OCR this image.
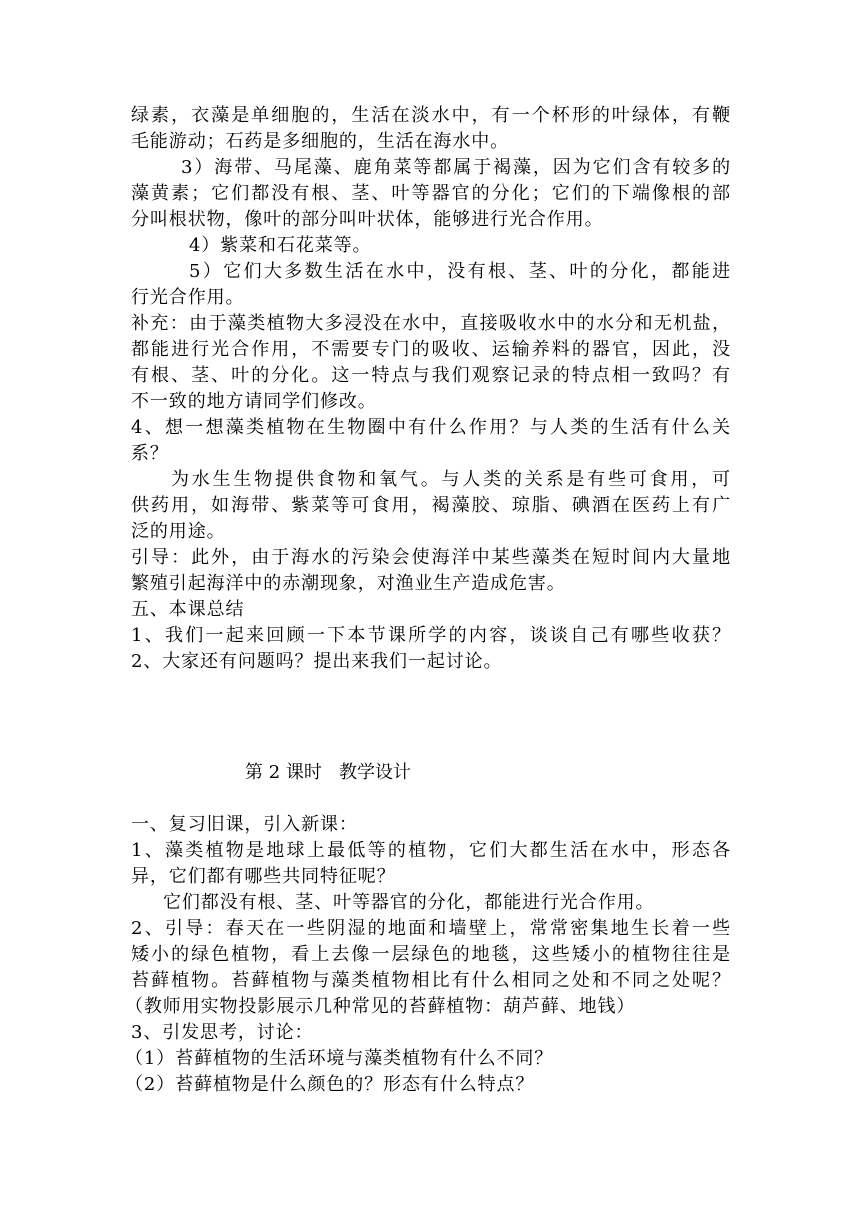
绿素，衣藻是单细胞的，生活在淡水中，有一个杯形的叶绿体，有鞭
毛能游动；石药是多细胞的，生活在海水中。
3）海带、马尾藻、鹿角菜等都属于褐藻，因为它们含有较多的
藻黄素；它们都没有根、茎、叶等器官的分化；它们的下端像根的部
分叫根状物，像叶的部分叫叶状体，能够进行光合作用。
4）紫菜和石花菜等。
5）它们大多数生活在水中，没有根、茎、叶的分化，都能进
行光合作用。
补充：由于藻类植物大多浸没在水中，直接吸收水中的水分和无机盐，
都能进行光合作用，不需要专门的吸收、运输养料的器官，因此，没
有根、茎、叶的分化。这一特点与我们观察记录的特点相一致吗？有
不一致的地方请同学们修改。
4、想一想藻类植物在生物圈中有什么作用？与人类的生活有什么关
系？
为水生生物提供食物和氧气。与人类的关系是有些可食用，可
供药用，如海带、紫菜等可食用，褐藻胶、琼脂、碘酒在医药上有广
泛的用途。
引导：此外，由于海水的污染会使海洋中某些藻类在短时间内大量地
繁殖引起海洋中的赤潮现象，对渔业生产造成危害。
五、本课总结
1、我们一起来回顾一下本节课所学的内容，谈谈自己有哪些收获？
2、大家还有问题吗？提出来我们一起讨论。
第 2 课时   教学设计
一、复习旧课，引入新课：
1、藻类植物是地球上最低等的植物，它们大都生活在水中，形态各
异，它们都有哪些共同特征呢？
它们都没有根、茎、叶等器官的分化，都能进行光合作用。
2、引导：春天在一些阴湿的地面和墙壁上，常常密集地生长着一些
矮小的绿色植物，看上去像一层绿色的地毯，这些矮小的植物往往是
苔藓植物。苔藓植物与藻类植物相比有什么相同之处和不同之处呢？
（教师用实物投影展示几种常见的苔藓植物：葫芦藓、地钱）
3、引发思考，讨论：
（1）苔藓植物的生活环境与藻类植物有什么不同？
（2）苔藓植物是什么颜色的？形态有什么特点？
